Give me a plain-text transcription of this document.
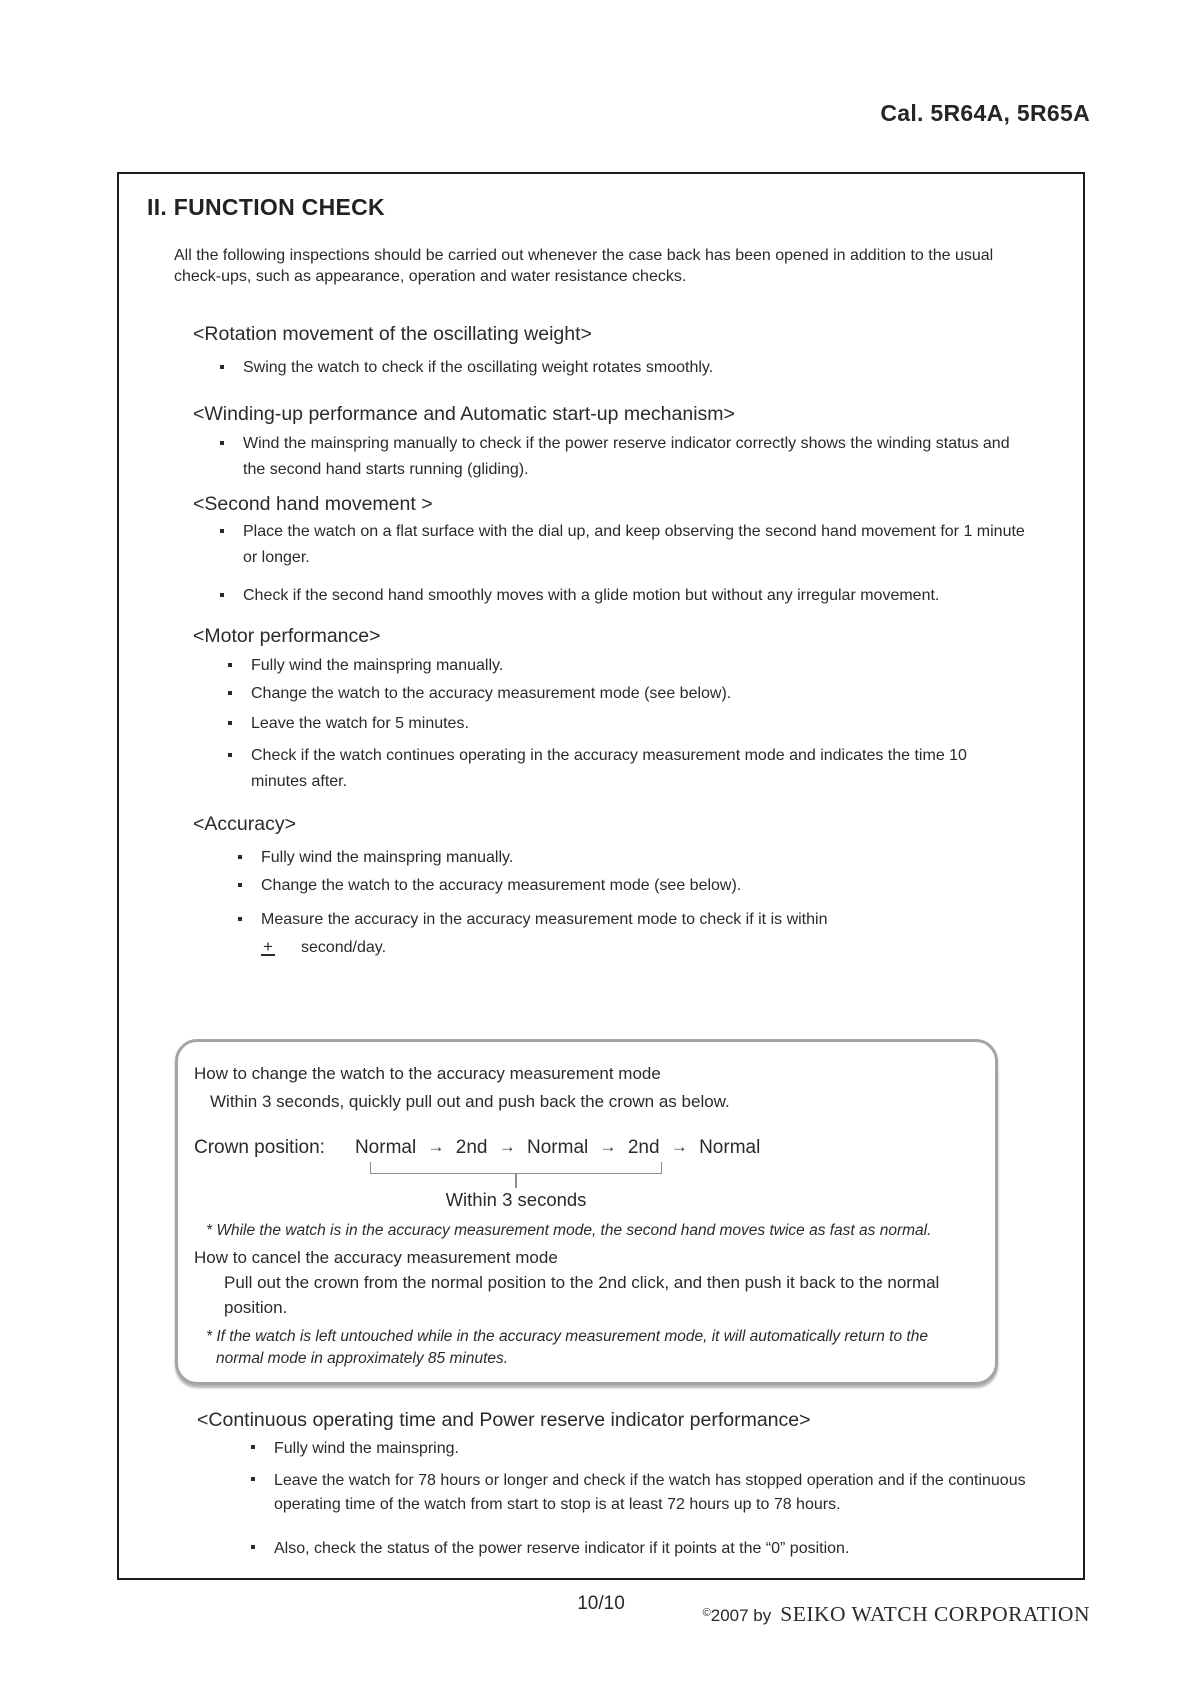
Cal. 5R64A, 5R65A
II. FUNCTION CHECK
All the following inspections should be carried out whenever the case back has been opened in addition to the usual check-ups, such as appearance, operation and water resistance checks.
<Rotation movement of the oscillating weight>
Swing the watch to check if the oscillating weight rotates smoothly.
<Winding-up performance and Automatic start-up mechanism>
Wind the mainspring manually to check if the power reserve indicator correctly shows the winding status and the second hand starts running (gliding).
<Second hand movement >
Place the watch on a flat surface with the dial up, and keep observing the second hand movement for 1 minute or longer.
Check if the second hand smoothly moves with a glide motion but without any irregular movement.
<Motor performance>
Fully wind the mainspring manually.
Change the watch to the accuracy measurement mode (see below).
Leave the watch for 5 minutes.
Check if the watch continues operating in the accuracy measurement mode and indicates the time 10 minutes after.
<Accuracy>
Fully wind the mainspring manually.
Change the watch to the accuracy measurement mode (see below).
Measure the accuracy in the accuracy measurement mode to check if it is within
+ second/day.
How to change the watch to the accuracy measurement mode
Within 3 seconds, quickly pull out and push back the crown as below.
Crown position: Normal → 2nd → Normal → 2nd → Normal
Within 3 seconds
* While the watch is in the accuracy measurement mode, the second hand moves twice as fast as normal.
How to cancel the accuracy measurement mode
Pull out the crown from the normal position to the 2nd click, and then push it back to the normal position.
* If the watch is left untouched while in the accuracy measurement mode, it will automatically return to the normal mode in approximately 85 minutes.
<Continuous operating time and Power reserve indicator performance>
Fully wind the mainspring.
Leave the watch for 78 hours or longer and check if the watch has stopped operation and if the continuous operating time of the watch from start to stop is at least 72 hours up to 78 hours.
Also, check the status of the power reserve indicator if it points at the “0” position.
10/10	©2007 by SEIKO WATCH CORPORATION
